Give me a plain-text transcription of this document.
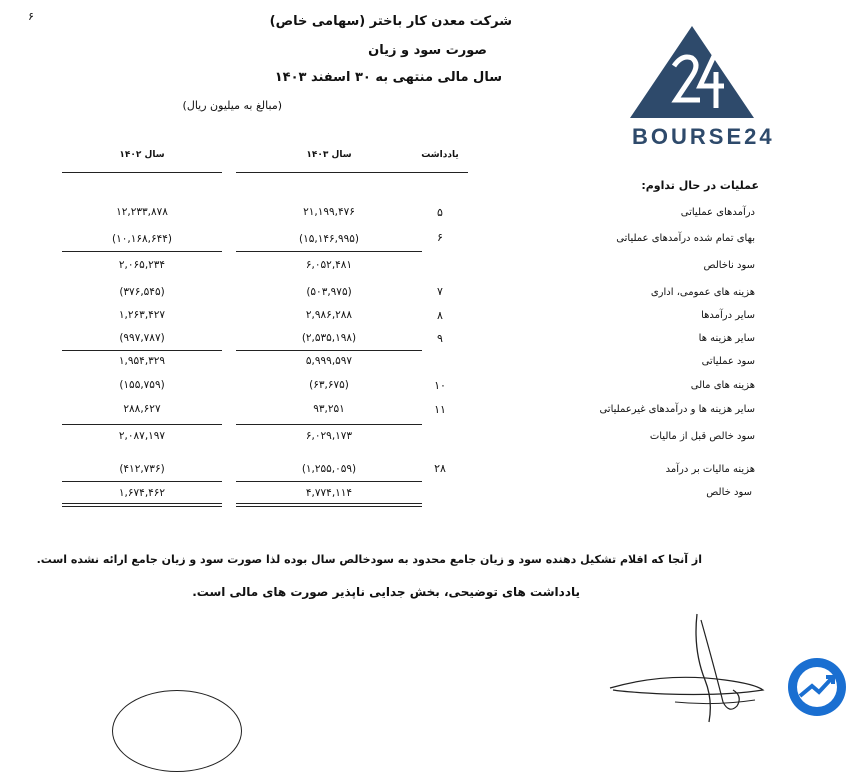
۶	شرکت معدن کار باختر (سهامی خاص)
صورت سود و زیان
سال مالی منتهی به ۳۰ اسفند ۱۴۰۳
(مبالغ به میلیون ریال)
BOURSE24
یادداشت
سال ۱۴۰۳
سال ۱۴۰۲
عملیات در حال تداوم:
درآمدهای عملیاتی
۵
۲۱,۱۹۹,۴۷۶
۱۲,۲۳۳,۸۷۸
بهای تمام شده درآمدهای عملیاتی
۶
(۱۵,۱۴۶,۹۹۵)
(۱۰,۱۶۸,۶۴۴)
سود ناخالص
۶,۰۵۲,۴۸۱
۲,۰۶۵,۲۳۴
هزینه های عمومی، اداری
۷
(۵۰۳,۹۷۵)
(۳۷۶,۵۴۵)
سایر درآمدها
۸
۲,۹۸۶,۲۸۸
۱,۲۶۳,۴۲۷
سایر هزینه ها
۹
(۲,۵۳۵,۱۹۸)
(۹۹۷,۷۸۷)
سود عملیاتی
۵,۹۹۹,۵۹۷
۱,۹۵۴,۳۲۹
هزینه های مالی
۱۰
(۶۳,۶۷۵)
(۱۵۵,۷۵۹)
سایر هزینه ها و درآمدهای غیرعملیاتی
۱۱
۹۳,۲۵۱
۲۸۸,۶۲۷
سود خالص قبل از مالیات
۶,۰۲۹,۱۷۳
۲,۰۸۷,۱۹۷
هزینه مالیات بر درآمد
۲۸
(۱,۲۵۵,۰۵۹)
(۴۱۲,۷۳۶)
سود خالص
۴,۷۷۴,۱۱۴
۱,۶۷۴,۴۶۲
از آنجا که اقلام تشکیل دهنده سود و زیان جامع محدود به سودخالص سال بوده لذا صورت سود و زیان جامع ارائه نشده است.
یادداشت های توضیحی، بخش جدایی ناپذیر صورت های مالی است.
